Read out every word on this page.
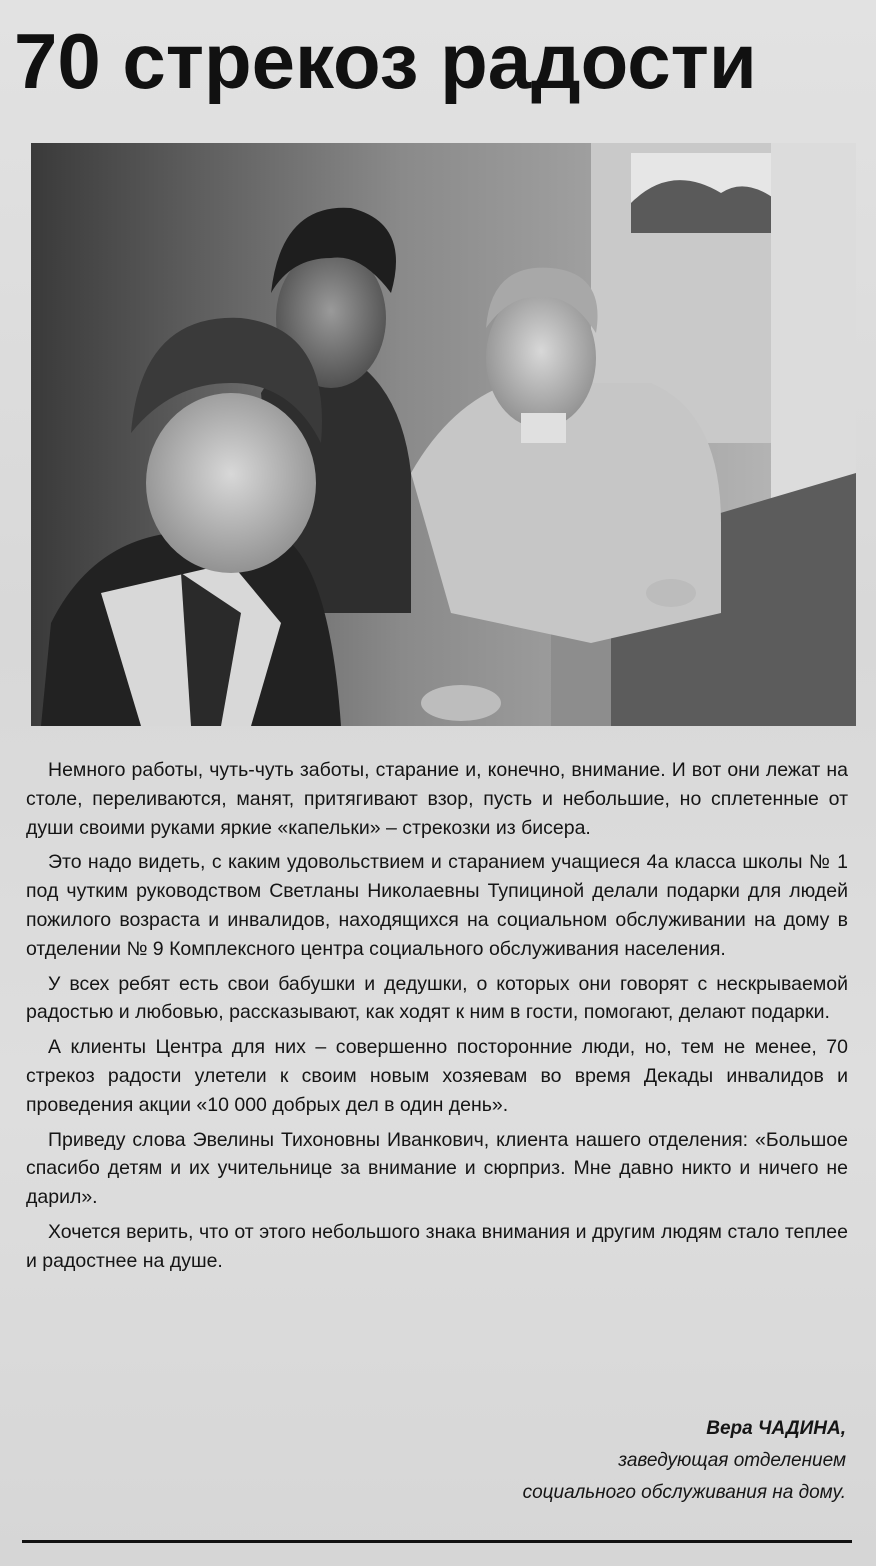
70 стрекоз радости

Немного работы, чуть-чуть заботы, старание и, конечно, внимание. И вот они лежат на столе, переливаются, манят, притягивают взор, пусть и небольшие, но сплетенные от души своими руками яркие «капельки» – стрекозки из бисера.

Это надо видеть, с каким удовольствием и старанием учащиеся 4а класса школы № 1 под чутким руководством Светланы Николаевны Тупициной делали подарки для людей пожилого возраста и инвалидов, находящихся на социальном обслуживании на дому в отделении № 9 Комплексного центра социального обслуживания населения.

У всех ребят есть свои бабушки и дедушки, о которых они говорят с нескрываемой радостью и любовью, рассказывают, как ходят к ним в гости, помогают, делают подарки.

А клиенты Центра для них – совершенно посторонние люди, но, тем не менее, 70 стрекоз радости улетели к своим новым хозяевам во время Декады инвалидов и проведения акции «10 000 добрых дел в один день».

Приведу слова Эвелины Тихоновны Иванкович, клиента нашего отделения: «Большое спасибо детям и их учительнице за внимание и сюрприз. Мне давно никто и ничего не дарил».

Хочется верить, что от этого небольшого знака внимания и другим людям стало теплее и радостнее на душе.

Вера ЧАДИНА,
заведующая отделением
социального обслуживания на дому.
